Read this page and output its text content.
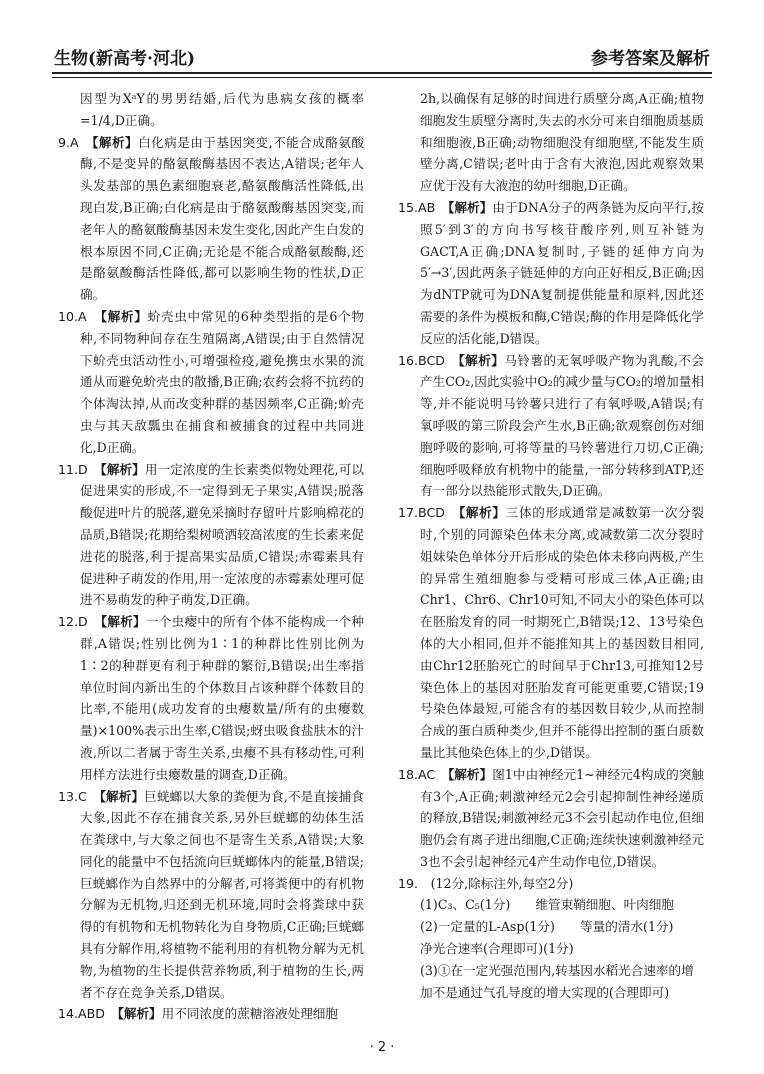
生物(新高考·河北)	参考答案及解析
因型为XᵃY的男男结婚,后代为患病女孩的概率=1/4,D正确。
9.A　 【解析】白化病是由于基因突变,不能合成酪氨酸酶,不是变异的酪氨酸酶基因不表达,A错误;老年人头发基部的黑色素细胞衰老,酪氨酸酶活性降低,出现白发,B正确;白化病是由于酪氨酸酶基因突变,而老年人的酪氨酸酶基因未发生变化,因此产生白发的根本原因不同,C正确;无论是不能合成酪氨酸酶,还是酪氨酸酶活性降低,都可以影响生物的性状,D正确。
10.A　 【解析】蚧壳虫中常见的6种类型指的是6个物种,不同物种间存在生殖隔离,A错误;由于自然情况下蚧壳虫活动性小,可增强检疫,避免携虫水果的流通从而避免蚧壳虫的散播,B正确;农药会将不抗药的个体淘汰掉,从而改变种群的基因频率,C正确;蚧壳虫与其天敌瓢虫在捕食和被捕食的过程中共同进化,D正确。
11.D　 【解析】用一定浓度的生长素类似物处理花,可以促进果实的形成,不一定得到无子果实,A错误;脱落酸促进叶片的脱落,避免采摘时存留叶片影响棉花的品质,B错误;花期给梨树喷洒较高浓度的生长素来促进花的脱落,利于提高果实品质,C错误;赤霉素具有促进种子萌发的作用,用一定浓度的赤霉素处理可促进不易萌发的种子萌发,D正确。
12.D　 【解析】一个虫瘿中的所有个体不能构成一个种群,A错误;性别比例为1∶1的种群比性别比例为1∶2的种群更有利于种群的繁衍,B错误;出生率指单位时间内新出生的个体数目占该种群个体数目的比率,不能用(成功发育的虫瘿数量/所有的虫瘿数量)×100%表示出生率,C错误;蚜虫吸食盐肤木的汁液,所以二者属于寄生关系,虫瘿不具有移动性,可利用样方法进行虫瘿数量的调查,D正确。
13.C　 【解析】巨蜣螂以大象的粪便为食,不是直接捕食大象,因此不存在捕食关系,另外巨蜣螂的幼体生活在粪球中,与大象之间也不是寄生关系,A错误;大象同化的能量中不包括流向巨蜣螂体内的能量,B错误;巨蜣螂作为自然界中的分解者,可将粪便中的有机物分解为无机物,归还到无机环境,同时会将粪球中获得的有机物和无机物转化为自身物质,C正确;巨蜣螂具有分解作用,将植物不能利用的有机物分解为无机物,为植物的生长提供营养物质,利于植物的生长,两者不存在竞争关系,D错误。
14.ABD　 【解析】用不同浓度的蔗糖溶液处理细胞
2h,以确保有足够的时间进行质壁分离,A正确;植物细胞发生质壁分离时,失去的水分可来自细胞质基质和细胞液,B正确;动物细胞没有细胞壁,不能发生质壁分离,C错误;老叶由于含有大液泡,因此观察效果应优于没有大液泡的幼叶细胞,D正确。
15.AB　 【解析】由于DNA分子的两条链为反向平行,按照5′到3′的方向书写核苷酸序列,则互补链为GACT,A正确;DNA复制时,子链的延伸方向为5′→3′,因此两条子链延伸的方向正好相反,B正确;因为dNTP就可为DNA复制提供能量和原料,因此还需要的条件为模板和酶,C错误;酶的作用是降低化学反应的活化能,D错误。
16.BCD　 【解析】马铃薯的无氧呼吸产物为乳酸,不会产生CO₂,因此实验中O₂的减少量与CO₂的增加量相等,并不能说明马铃薯只进行了有氧呼吸,A错误;有氧呼吸的第三阶段会产生水,B正确;欲观察创伤对细胞呼吸的影响,可将等量的马铃薯进行刀切,C正确;细胞呼吸释放有机物中的能量,一部分转移到ATP,还有一部分以热能形式散失,D正确。
17.BCD　 【解析】三体的形成通常是减数第一次分裂时,个别的同源染色体未分离,或减数第二次分裂时姐妹染色单体分开后形成的染色体未移向两极,产生的异常生殖细胞参与受精可形成三体,A正确;由Chr1、Chr6、Chr10可知,不同大小的染色体可以在胚胎发育的同一时期死亡,B错误;12、13号染色体的大小相同,但并不能推知其上的基因数目相同,由Chr12胚胎死亡的时间早于Chr13,可推知12号染色体上的基因对胚胎发育可能更重要,C错误;19号染色体最短,可能含有的基因数目较少,从而控制合成的蛋白质种类少,但并不能得出控制的蛋白质数量比其他染色体上的少,D错误。
18.AC　 【解析】图1中由神经元1~神经元4构成的突触有3个,A正确;刺激神经元2会引起抑制性神经递质的释放,B错误;刺激神经元3不会引起动作电位,但细胞仍会有离子进出细胞,C正确;连续快速刺激神经元3也不会引起神经元4产生动作电位,D错误。
19.　 (12分,除标注外,每空2分)
(1)C₃、C₅(1分)　　维管束鞘细胞、叶肉细胞
(2)一定量的L-Asp(1分)　　等量的清水(1分)
净光合速率(合理即可)(1分)
(3)①在一定光强范围内,转基因水稻光合速率的增加不是通过气孔导度的增大实现的(合理即可)
· 2 ·
